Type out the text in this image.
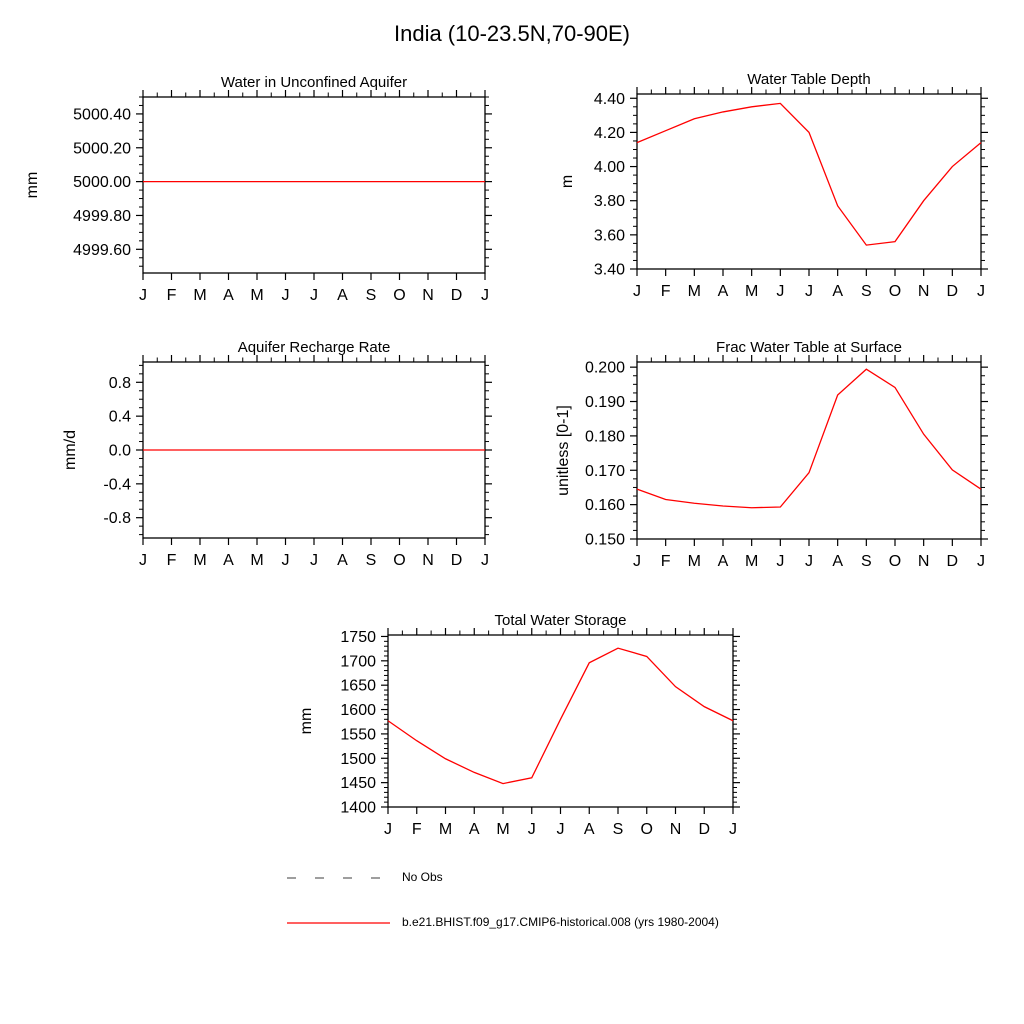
India (10-23.5N,70-90E)
Water in Unconfined Aquifer
J F M A M J J A S O N D J
4999.60
4999.80
5000.00
5000.20
5000.40
mm
Water Table Depth
J F M A M J J A S O N D J
3.40
3.60
3.80
4.00
4.20
4.40
m
Aquifer Recharge Rate
J F M A M J J A S O N D J
-0.8
-0.4
0.0
0.4
0.8
mm/d
Frac Water Table at Surface
J F M A M J J A S O N D J
0.150
0.160
0.170
0.180
0.190
0.200
unitless [0-1]
Total Water Storage
J F M A M J J A S O N D J
1400
1450
1500
1550
1600
1650
1700
1750
mm
No Obs
b.e21.BHIST.f09_g17.CMIP6-historical.008 (yrs 1980-2004)
